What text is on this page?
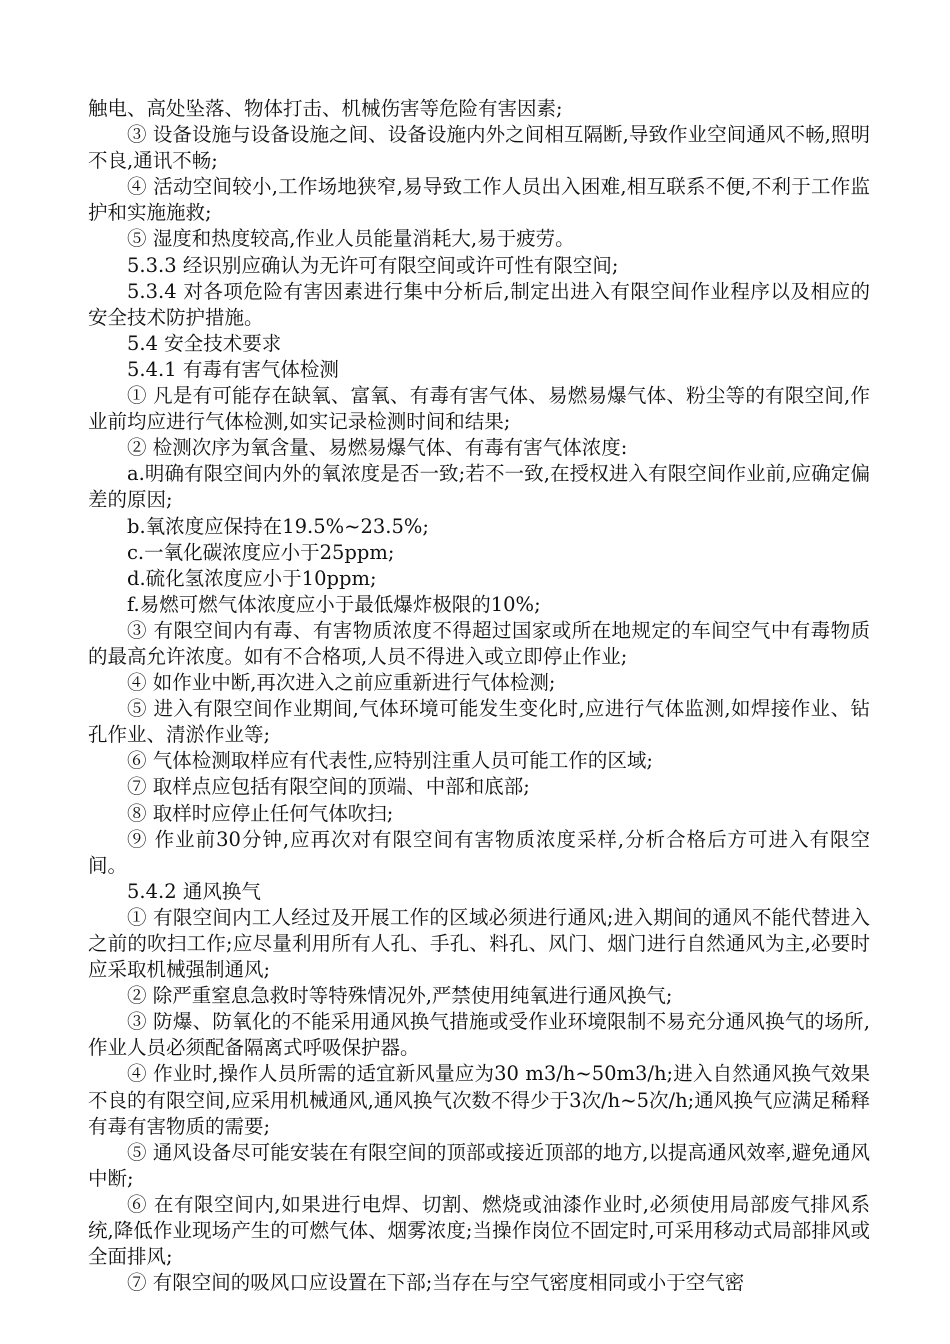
触电、高处坠落、物体打击、机械伤害等危险有害因素;

③ 设备设施与设备设施之间、设备设施内外之间相互隔断,导致作业空间通风不畅,照明不良,通讯不畅;

④ 活动空间较小,工作场地狭窄,易导致工作人员出入困难,相互联系不便,不利于工作监护和实施施救;

⑤ 湿度和热度较高,作业人员能量消耗大,易于疲劳。

5.3.3 经识别应确认为无许可有限空间或许可性有限空间;

5.3.4 对各项危险有害因素进行集中分析后,制定出进入有限空间作业程序以及相应的安全技术防护措施。

5.4 安全技术要求

5.4.1 有毒有害气体检测

① 凡是有可能存在缺氧、富氧、有毒有害气体、易燃易爆气体、粉尘等的有限空间,作业前均应进行气体检测,如实记录检测时间和结果;

② 检测次序为氧含量、易燃易爆气体、有毒有害气体浓度:

a.明确有限空间内外的氧浓度是否一致;若不一致,在授权进入有限空间作业前,应确定偏差的原因;

b.氧浓度应保持在19.5%~23.5%;

c.一氧化碳浓度应小于25ppm;

d.硫化氢浓度应小于10ppm;

f.易燃可燃气体浓度应小于最低爆炸极限的10%;

③ 有限空间内有毒、有害物质浓度不得超过国家或所在地规定的车间空气中有毒物质的最高允许浓度。如有不合格项,人员不得进入或立即停止作业;

④ 如作业中断,再次进入之前应重新进行气体检测;

⑤ 进入有限空间作业期间,气体环境可能发生变化时,应进行气体监测,如焊接作业、钻孔作业、清淤作业等;

⑥ 气体检测取样应有代表性,应特别注重人员可能工作的区域;

⑦ 取样点应包括有限空间的顶端、中部和底部;

⑧ 取样时应停止任何气体吹扫;

⑨ 作业前30分钟,应再次对有限空间有害物质浓度采样,分析合格后方可进入有限空间。

5.4.2 通风换气

① 有限空间内工人经过及开展工作的区域必须进行通风;进入期间的通风不能代替进入之前的吹扫工作;应尽量利用所有人孔、手孔、料孔、风门、烟门进行自然通风为主,必要时应采取机械强制通风;

② 除严重窒息急救时等特殊情况外,严禁使用纯氧进行通风换气;

③ 防爆、防氧化的不能采用通风换气措施或受作业环境限制不易充分通风换气的场所,作业人员必须配备隔离式呼吸保护器。

④ 作业时,操作人员所需的适宜新风量应为30 m3/h~50m3/h;进入自然通风换气效果不良的有限空间,应采用机械通风,通风换气次数不得少于3次/h~5次/h;通风换气应满足稀释有毒有害物质的需要;

⑤ 通风设备尽可能安装在有限空间的顶部或接近顶部的地方,以提高通风效率,避免通风中断;

⑥ 在有限空间内,如果进行电焊、切割、燃烧或油漆作业时,必须使用局部废气排风系统,降低作业现场产生的可燃气体、烟雾浓度;当操作岗位不固定时,可采用移动式局部排风或全面排风;

⑦ 有限空间的吸风口应设置在下部;当存在与空气密度相同或小于空气密
